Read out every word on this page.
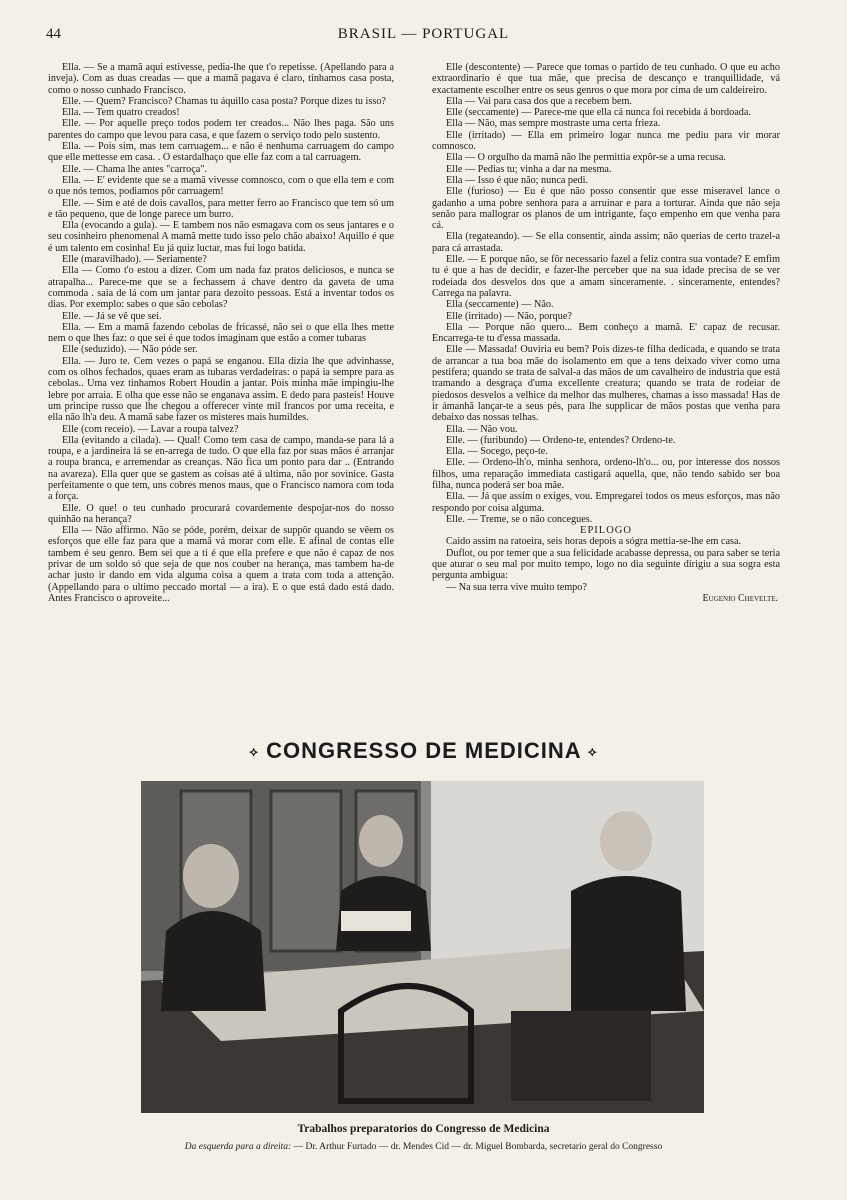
44	BRASIL — PORTUGAL

Ella. — Se a mamã aqui estivesse, pedia-lhe que t'o repetisse. (Apellando para a inveja). Com as duas creadas — que a mamã pagava é claro, tinhamos casa posta, como o nosso cunhado Francisco.

Elle. — Quem? Francisco? Chamas tu áquillo casa posta? Porque dizes tu isso?

Ella. — Tem quatro creados!

Elle. — Por aquelle preço todos podem ter creados... Não lhes paga. São uns parentes do campo que levou para casa, e que fazem o serviço todo pelo sustento.

Ella. — Pois sim, mas tem carruagem... e não é nenhuma carruagem do campo que elle mettesse em casa. . O estardalhaço que elle faz com a tal carruagem.

Elle. — Chama lhe antes "carroça".

Ella. — E' evidente que se a mamã vivesse comnosco, com o que ella tem e com o que nós temos, podiamos pôr carruagem!

Elle. — Sim e até de dois cavallos, para metter ferro ao Francisco que tem só um e tão pequeno, que de longe parece um burro.

Ella (evocando a gula). — E tambem nos não esmagava com os seus jantares e o seu cosinheiro phenomenal A mamã mette tudo isso pelo chão abaixo! Aquillo é que é um talento em cosinha! Eu já quiz luctar, mas fui logo batida.

Elle (maravilhado). — Seriamente?

Ella — Como t'o estou a dizer. Com um nada faz pratos deliciosos, e nunca se atrapalha... Parece-me que se a fechassem á chave dentro da gaveta de uma commoda . saia de lá com um jantar para dezoito pessoas. Está a inventar todos os dias. Por exemplo: sabes o que são cebolas?

Elle. — Já se vê que sei.

Ella. — Em a mamã fazendo cebolas de fricassé, não sei o que ella lhes mette nem o que lhes faz: o que sei é que todos imaginam que estão a comer tubaras

Elle (seduzido). — Não póde ser.

Ella. — Juro te. Cem vezes o papá se enganou. Ella dizia lhe que advinhasse, com os olhos fechados, quaes eram as tubaras verdadeiras: o papá ia sempre para as cebolas.. Uma vez tinhamos Robert Houdin a jantar. Pois minha mãe impingiu-lhe lebre por arraia. E olha que esse não se enganava assim. E dedo para pasteis! Houve um principe russo que lhe chegou a offerecer vinte mil francos por uma receita, e ella não lh'a deu. A mamã sabe fazer os misteres mais humildes.

Elle (com receio). — Lavar a roupa talvez?

Ella (evitando a cilada). — Qual! Como tem casa de campo, manda-se para lá a roupa, e a jardineira lá se en-arrega de tudo. O que ella faz por suas mãos é arranjar a roupa branca, e arremendar as creanças. Não fica um ponto para dar .. (Entrando na avareza). Ella quer que se gastem as coisas até á ultima, não por sovinice. Gasta perfeitamente o que tem, uns cobres menos maus, que o Francisco namora com toda a força.

Elle. O que! o teu cunhado procurará covardemente despojar-nos do nosso quinhão na herança?

Ella — Não affirmo. Não se póde, porém, deixar de suppôr quando se vêem os esforços que elle faz para que a mamã vá morar com elle. E afinal de contas elle tambem é seu genro. Bem sei que a ti é que ella prefere e que não é capaz de nos privar de um soldo só que seja de que nos couber na herança, mas tambem ha-de achar justo ir dando em vida alguma coisa a quem a trata com toda a attenção. (Appellando para o ultimo peccado mortal — a ira). E o que está dado está dado. Antes Francisco o aproveite...

Elle (descontente) — Parece que tomas o partido de teu cunhado. O que eu acho extraordinario é que tua mãe, que precisa de descanço e tranquillidade, vá exactamente escolher entre os seus genros o que mora por cima de um caldeireiro.

Ella — Vai para casa dos que a recebem bem.

Elle (seccamente) — Parece-me que ella cá nunca foi recebida á bordoada.

Ella — Não, mas sempre mostraste uma certa frieza.

Elle (irritado) — Ella em primeiro logar nunca me pediu para vir morar comnosco.

Ella — O orgulho da mamã não lhe permittia expôr-se a uma recusa.

Elle — Pedias tu; vinha a dar na mesma.

Ella — Isso é que não; nunca pedi.

Elle (furioso) — Eu é que não posso consentir que esse miseravel lance o gadanho a uma pobre senhora para a arruinar e para a torturar. Ainda que não seja senão para mallograr os planos de um intrigante, faço empenho em que venha para cá.

Ella (regateando). — Se ella consentir, ainda assim; não querias de certo trazel-a para cá arrastada.

Elle. — E porque não, se fôr necessario fazel a feliz contra sua vontade? E emfim tu é que a has de decidir, e fazer-lhe perceber que na sua idade precisa de se ver rodeiada dos desvelos dos que a amam sinceramente. . sinceramente, entendes? Carrega na palavra.

Ella (seccamente) — Não.

Elle (irritado) — Não, porque?

Ella — Porque não quero... Bem conheço a mamã. E' capaz de recusar. Encarrega-te tu d'essa massada.

Elle — Massada! Ouviria eu bem? Pois dizes-te filha dedicada, e quando se trata de arrancar a tua boa mãe do isolamento em que a tens deixado viver como uma pestifera; quando se trata de salval-a das mãos de um cavalheiro de industria que está tramando a desgraça d'uma excellente creatura; quando se trata de rodeiar de piedosos desvelos a velhice da melhor das mulheres, chamas a isso massada! Has de ir ámanhã lançar-te a seus pés, para lhe supplicar de mãos postas que venha para debaixo das nossas telhas.

Ella. — Não vou.

Elle. — (furibundo) — Ordeno-te, entendes? Ordeno-te.

Ella. — Socego, peço-te.

Elle. — Ordeno-lh'o, minha senhora, ordeno-lh'o... ou, por interesse dos nossos filhos, uma reparação immediata castigará aquella, que, não tendo sabido ser boa filha, nunca poderá ser boa mãe.

Ella. — Já que assim o exiges, vou. Empregarei todos os meus esforços, mas não respondo por coisa alguma.

Elle. — Treme, se o não concegues.

EPILOGO

Caido assim na ratoeira, seis horas depois a sógra mettia-se-lhe em casa.

Duflot, ou por temer que a sua felicidade acabasse depressa, ou para saber se teria que aturar o seu mal por muito tempo, logo no dia seguinte dirigiu a sua sogra esta pergunta ambigua:

— Na sua terra vive muito tempo?

Eugenio Chevelte.

⟡ CONGRESSO DE MEDICINA ⟡
Trabalhos preparatorios do Congresso de Medicina
Da esquerda para a direita: — Dr. Arthur Furtado — dr. Mendes Cid — dr. Miguel Bombarda, secretario geral do Congresso
